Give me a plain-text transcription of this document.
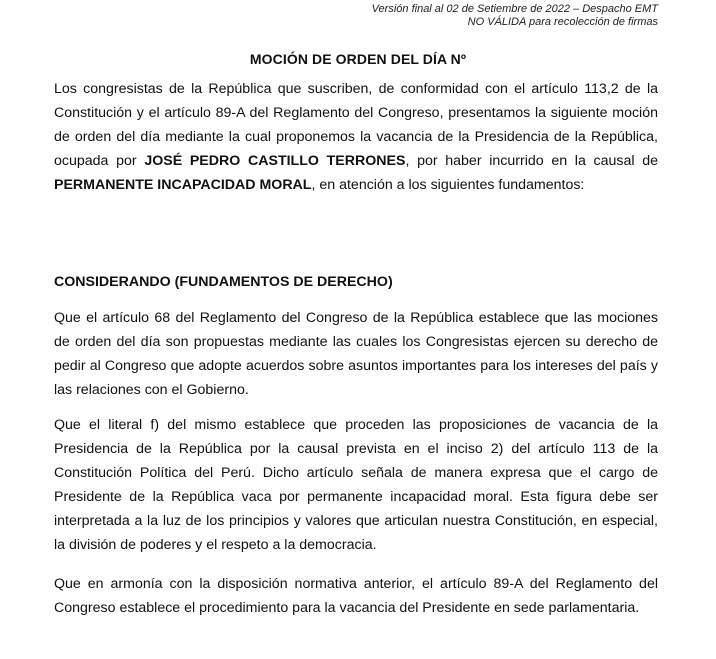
Versión final al 02 de Setiembre de 2022 – Despacho EMT
NO VÁLIDA para recolección de firmas
MOCIÓN DE ORDEN DEL DÍA Nº

Los congresistas de la República que suscriben, de conformidad con el artículo 113,2 de la Constitución y el artículo 89-A del Reglamento del Congreso, presentamos la siguiente moción de orden del día mediante la cual proponemos la vacancia de la Presidencia de la República, ocupada por JOSÉ PEDRO CASTILLO TERRONES, por haber incurrido en la causal de PERMANENTE INCAPACIDAD MORAL, en atención a los siguientes fundamentos:

CONSIDERANDO (FUNDAMENTOS DE DERECHO)

Que el artículo 68 del Reglamento del Congreso de la República establece que las mociones de orden del día son propuestas mediante las cuales los Congresistas ejercen su derecho de pedir al Congreso que adopte acuerdos sobre asuntos importantes para los intereses del país y las relaciones con el Gobierno.

Que el literal f) del mismo establece que proceden las proposiciones de vacancia de la Presidencia de la República por la causal prevista en el inciso 2) del artículo 113 de la Constitución Política del Perú. Dicho artículo señala de manera expresa que el cargo de Presidente de la República vaca por permanente incapacidad moral. Esta figura debe ser interpretada a la luz de los principios y valores que articulan nuestra Constitución, en especial, la división de poderes y el respeto a la democracia.

Que en armonía con la disposición normativa anterior, el artículo 89-A del Reglamento del Congreso establece el procedimiento para la vacancia del Presidente en sede parlamentaria.
